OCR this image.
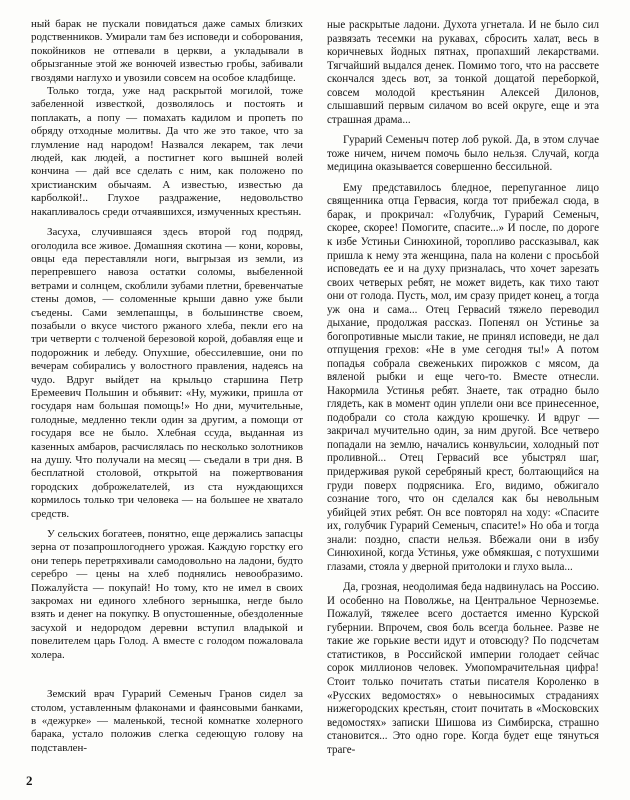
ный барак не пускали повидаться даже самых близких родственников. Умирали там без исповеди и соборования, покойников не отпевали в церкви, а укладывали в обрызганные этой же вонючей известью гробы, забивали гвоздями наглухо и увозили совсем на особое кладбище.

Только тогда, уже над раскрытой могилой, тоже забеленной известкой, дозволялось и постоять и поплакать, а попу — помахать кадилом и пропеть по обряду отходные молитвы. Да что же это такое, что за глумление над народом! Назвался лекарем, так лечи людей, как людей, а постигнет кого вышней волей кончина — дай все сделать с ним, как положено по христианским обычаям. А известью, известью да карболкой!.. Глухое раздражение, недовольство накапливалось среди отчаявшихся, измученных крестьян.

Засуха, случившаяся здесь второй год подряд, оголодила все живое. Домашняя скотина — кони, коровы, овцы еда переставляли ноги, выгрызая из земли, из перепревшего навоза остатки соломы, выбеленной ветрами и солнцем, скоблили зубами плетни, бревенчатые стены домов, — соломенные крыши давно уже были съедены. Сами землепашцы, в большинстве своем, позабыли о вкусе чистого ржаного хлеба, пекли его на три четверти с толченой березовой корой, добавляя еще и подорожник и лебеду. Опухшие, обессилевшие, они по вечерам собирались у волостного правления, надеясь на чудо. Вдруг выйдет на крыльцо старшина Петр Еремеевич Польшин и объявит: «Ну, мужики, пришла от государя нам большая помощь!» Но дни, мучительные, голодные, медленно текли один за другим, а помощи от государя все не было. Хлебная ссуда, выданная из казенных амбаров, расчислялась по несколько золотников на душу. Что получали на месяц — съедали в три дня. В бесплатной столовой, открытой на пожертвования городских доброжелателей, из ста нуждающихся кормилось только три человека — на большее не хватало средств.

У сельских богатеев, понятно, еще держались запасцы зерна от позапрошлогоднего урожая. Каждую горстку его они теперь перетряхивали самодовольно на ладони, будто серебро — цены на хлеб поднялись невообразимо. Пожалуйста — покупай! Но тому, кто не имел в своих закромах ни единого хлебного зернышка, негде было взять и денег на покупку. В опустошенные, обездоленные засухой и недородом деревни вступил владыкой и повелителем царь Голод. А вместе с голодом пожаловала холера.

Земский врач Гурарий Семеныч Гранов сидел за столом, уставленным флаконами и фаянсовыми банками, в «дежурке» — маленькой, тесной комнатке холерного барака, устало положив слегка седеющую голову на подставлен-

ные раскрытые ладони. Духота угнетала. И не было сил развязать тесемки на рукавах, сбросить халат, весь в коричневых йодных пятнах, пропахший лекарствами. Тягчайший выдался денек. Помимо того, что на рассвете скончался здесь вот, за тонкой дощатой переборкой, совсем молодой крестьянин Алексей Дилонов, слышавший первым силачом во всей округе, еще и эта страшная драма...

Гурарий Семеныч потер лоб рукой. Да, в этом случае тоже ничем, ничем помочь было нельзя. Случай, когда медицина оказывается совершенно бессильной.

Ему представилось бледное, перепуганное лицо священника отца Гервасия, когда тот прибежал сюда, в барак, и прокричал: «Голубчик, Гурарий Семеныч, скорее, скорее! Помогите, спасите...» И после, по дороге к избе Устиньи Синюхиной, торопливо рассказывал, как пришла к нему эта женщина, пала на колени с просьбой исповедать ее и на духу призналась, что хочет зарезать своих четверых ребят, не может видеть, как тихо тают они от голода. Пусть, мол, им сразу придет конец, а тогда уж она и сама... Отец Гервасий тяжело переводил дыхание, продолжая рассказ. Попенял он Устинье за богопротивные мысли такие, не принял исповеди, не дал отпущения грехов: «Не в уме сегодня ты!» А потом попадья собрала свеженьких пирожков с мясом, да вяленой рыбки и еще чего-то. Вместе отнесли. Накормила Устинья ребят. Знаете, так отрадно было глядеть, как в момент один уплели они все принесенное, подобрали со стола каждую крошечку. И вдруг — закричал мучительно один, за ним другой. Все четверо попадали на землю, начались конвульсии, холодный пот проливной... Отец Гервасий все убыстрял шаг, придерживая рукой серебряный крест, болтающийся на груди поверх подрясника. Его, видимо, обжигало сознание того, что он сделался как бы невольным убийцей этих ребят. Он все повторял на ходу: «Спасите их, голубчик Гурарий Семеныч, спасите!» Но оба и тогда знали: поздно, спасти нельзя. Вбежали они в избу Синюхиной, когда Устинья, уже обмякшая, с потухшими глазами, стояла у дверной притолоки и глухо выла...

Да, грозная, неодолимая беда надвинулась на Россию. И особенно на Поволжье, на Центральное Черноземье. Пожалуй, тяжелее всего достается именно Курской губернии. Впрочем, своя боль всегда больнее. Разве не такие же горькие вести идут и отовсюду? По подсчетам статистиков, в Российской империи голодает сейчас сорок миллионов человек. Умопомрачительная цифра! Стоит только почитать статьи писателя Короленко в «Русских ведомостях» о невыносимых страданиях нижегородских крестьян, стоит почитать в «Московских ведомостях» записки Шишова из Симбирска, страшно становится... Это одно горе. Когда будет еще тянуться траге-

2
